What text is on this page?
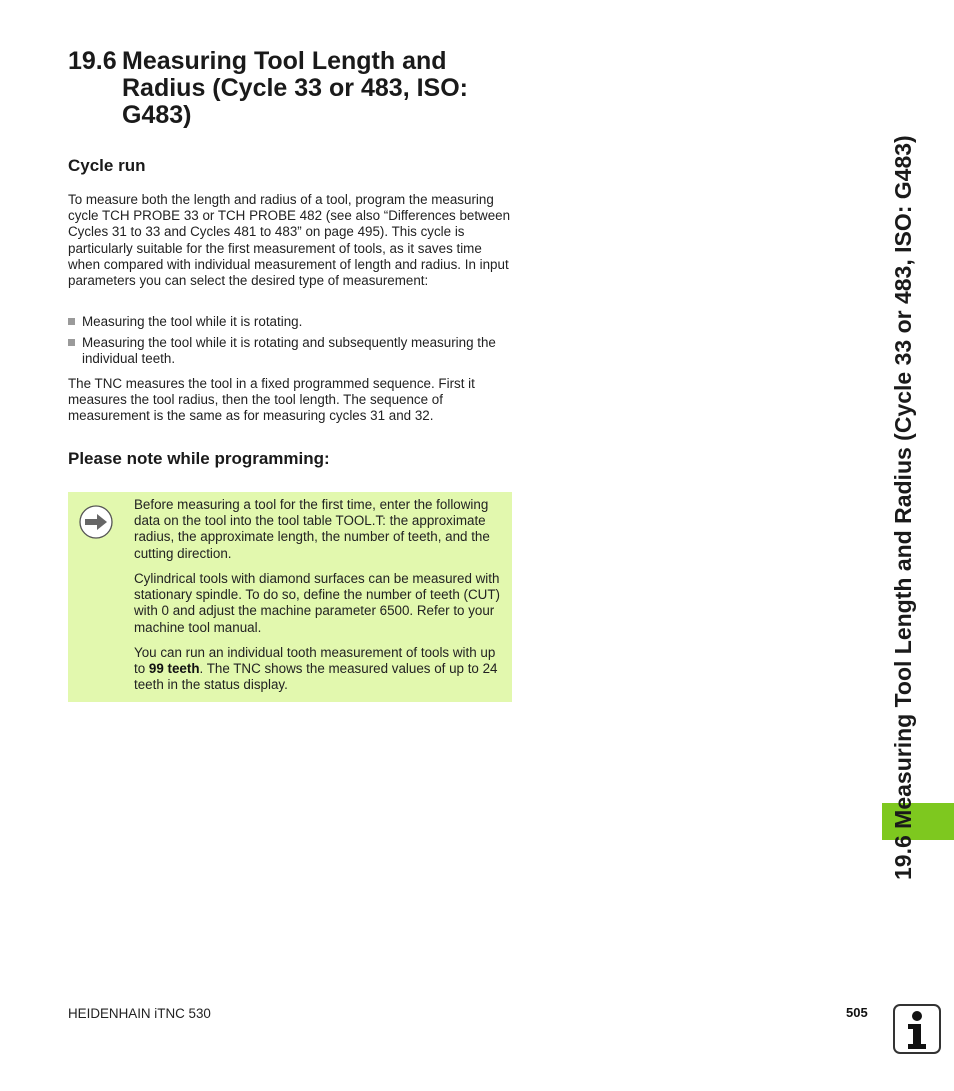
19.6 Measuring Tool Length and Radius (Cycle 33 or 483, ISO: G483)
Cycle run

To measure both the length and radius of a tool, program the measuring cycle TCH PROBE 33 or TCH PROBE 482 (see also “Differences between Cycles 31 to 33 and Cycles 481 to 483” on page 495). This cycle is particularly suitable for the first measurement of tools, as it saves time when compared with individual measurement of length and radius. In input parameters you can select the desired type of measurement:

Measuring the tool while it is rotating.
Measuring the tool while it is rotating and subsequently measuring the individual teeth.

The TNC measures the tool in a fixed programmed sequence. First it measures the tool radius, then the tool length. The sequence of measurement is the same as for measuring cycles 31 and 32.

Please note while programming:

Before measuring a tool for the first time, enter the following data on the tool into the tool table TOOL.T: the approximate radius, the approximate length, the number of teeth, and the cutting direction.

Cylindrical tools with diamond surfaces can be measured with stationary spindle. To do so, define the number of teeth (CUT) with 0 and adjust the machine parameter 6500. Refer to your machine tool manual.

You can run an individual tooth measurement of tools with up to 99 teeth. The TNC shows the measured values of up to 24 teeth in the status display.	19.6 Measuring Tool Length and Radius (Cycle 33 or 483, ISO: G483)
HEIDENHAIN iTNC 530	505
